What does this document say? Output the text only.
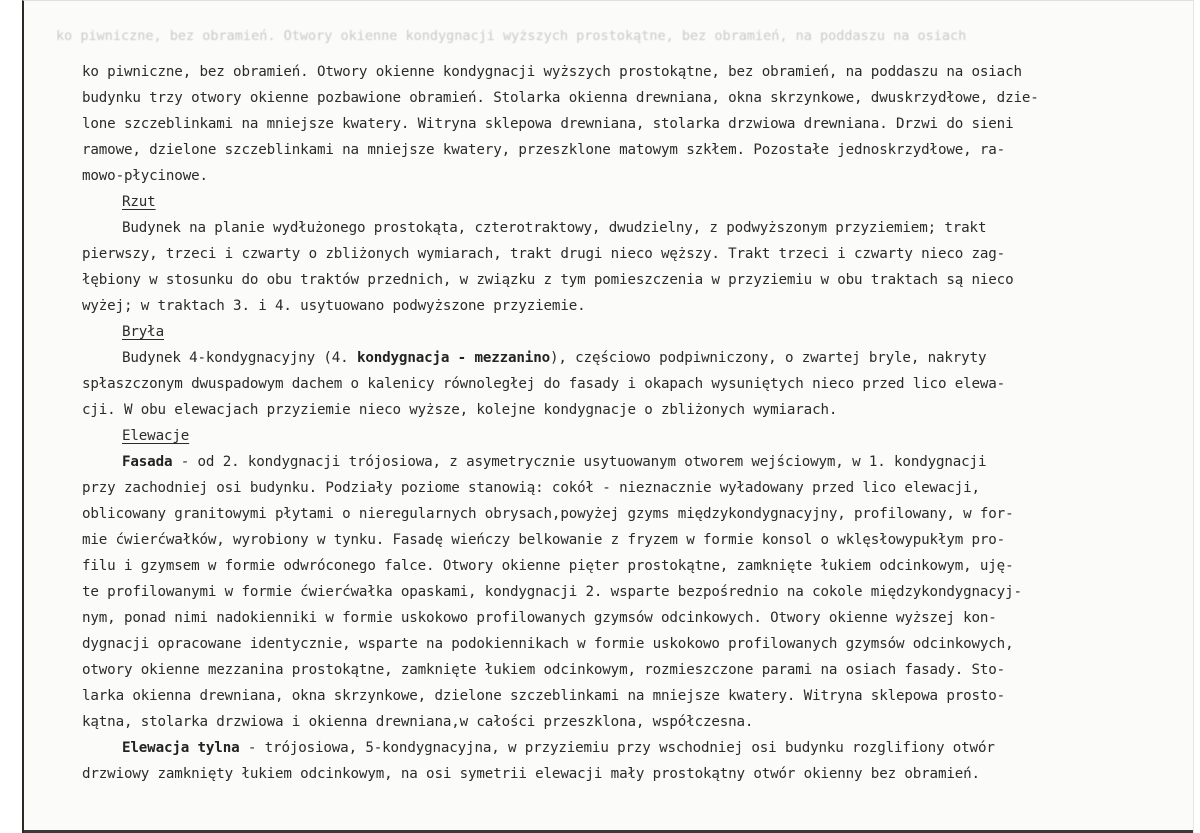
ko piwniczne, bez obramień. Otwory okienne kondygnacji wyższych prostokątne, bez obramień, na poddaszu na osiach
ko piwniczne, bez obramień. Otwory okienne kondygnacji wyższych prostokątne, bez obramień, na poddaszu na osiach
budynku trzy otwory okienne pozbawione obramień. Stolarka okienna drewniana, okna skrzynkowe, dwuskrzydłowe, dzie-
lone szczeblinkami na mniejsze kwatery. Witryna sklepowa drewniana, stolarka drzwiowa drewniana. Drzwi do sieni
ramowe, dzielone szczeblinkami na mniejsze kwatery, przeszklone matowym szkłem. Pozostałe jednoskrzydłowe, ra-
mowo-płycinowe.
Rzut
Budynek na planie wydłużonego prostokąta, czterotraktowy, dwudzielny, z podwyższonym przyziemiem; trakt
pierwszy, trzeci i czwarty o zbliżonych wymiarach, trakt drugi nieco węższy. Trakt trzeci i czwarty nieco zag-
łębiony w stosunku do obu traktów przednich, w związku z tym pomieszczenia w przyziemiu w obu traktach są nieco
wyżej; w traktach 3. i 4. usytuowano podwyższone przyziemie.
Bryła
Budynek 4-kondygnacyjny (4. kondygnacja - mezzanino), częściowo podpiwniczony, o zwartej bryle, nakryty
spłaszczonym dwuspadowym dachem o kalenicy równoległej do fasady i okapach wysuniętych nieco przed lico elewa-
cji. W obu elewacjach przyziemie nieco wyższe, kolejne kondygnacje o zbliżonych wymiarach.
Elewacje
Fasada - od 2. kondygnacji trójosiowa, z asymetrycznie usytuowanym otworem wejściowym, w 1. kondygnacji
przy zachodniej osi budynku. Podziały poziome stanowią: cokół - nieznacznie wyładowany przed lico elewacji,
oblicowany granitowymi płytami o nieregularnych obrysach,powyżej gzyms międzykondygnacyjny, profilowany, w for-
mie ćwierćwałków, wyrobiony w tynku. Fasadę wieńczy belkowanie z fryzem w formie konsol o wklęsłowypukłym pro-
filu i gzymsem w formie odwróconego falce. Otwory okienne pięter prostokątne, zamknięte łukiem odcinkowym, uję-
te profilowanymi w formie ćwierćwałka opaskami, kondygnacji 2. wsparte bezpośrednio na cokole międzykondygnacyj-
nym, ponad nimi nadokienniki w formie uskokowo profilowanych gzymsów odcinkowych. Otwory okienne wyższej kon-
dygnacji opracowane identycznie, wsparte na podokiennikach w formie uskokowo profilowanych gzymsów odcinkowych,
otwory okienne mezzanina prostokątne, zamknięte łukiem odcinkowym, rozmieszczone parami na osiach fasady. Sto-
larka okienna drewniana, okna skrzynkowe, dzielone szczeblinkami na mniejsze kwatery. Witryna sklepowa prosto-
kątna, stolarka drzwiowa i okienna drewniana,w całości przeszklona, współczesna.
Elewacja tylna - trójosiowa, 5-kondygnacyjna, w przyziemiu przy wschodniej osi budynku rozglifiony otwór
drzwiowy zamknięty łukiem odcinkowym, na osi symetrii elewacji mały prostokątny otwór okienny bez obramień.
